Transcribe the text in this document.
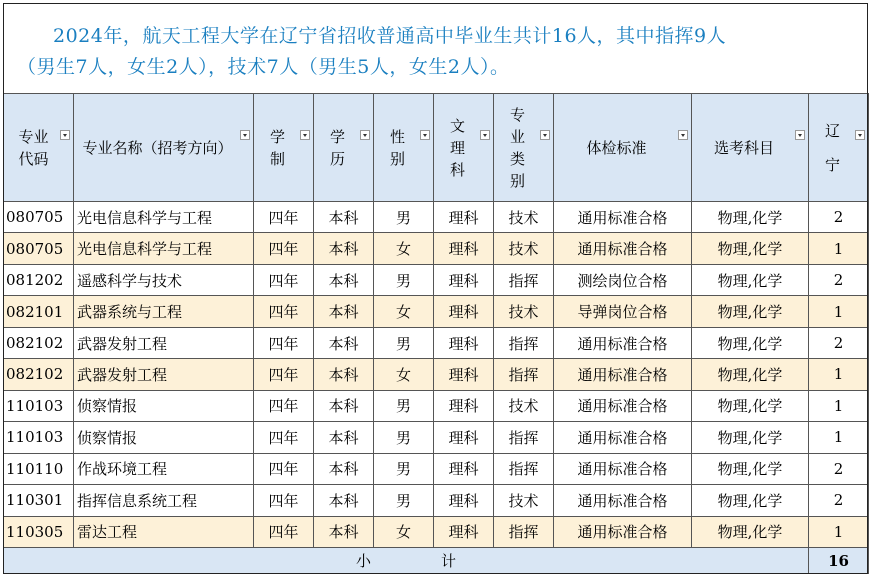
2024年，航天工程大学在辽宁省招收普通高中毕业生共计16人，其中指挥9人
（男生7人，女生2人），技术7人（男生5人，女生2人）。
专业代码	专业名称（招考方向）	学制	学历	性别	文理科	专业类别	体检标准	选考科目	辽宁

080705	光电信息科学与工程	四年	本科	男	理科	技术	通用标准合格	物理,化学	2
080705	光电信息科学与工程	四年	本科	女	理科	技术	通用标准合格	物理,化学	1
081202	遥感科学与技术	四年	本科	男	理科	指挥	测绘岗位合格	物理,化学	2
082101	武器系统与工程	四年	本科	女	理科	技术	导弹岗位合格	物理,化学	1
082102	武器发射工程	四年	本科	男	理科	指挥	通用标准合格	物理,化学	2
082102	武器发射工程	四年	本科	女	理科	指挥	通用标准合格	物理,化学	1
110103	侦察情报	四年	本科	男	理科	技术	通用标准合格	物理,化学	1
110103	侦察情报	四年	本科	男	理科	指挥	通用标准合格	物理,化学	1
110110	作战环境工程	四年	本科	男	理科	指挥	通用标准合格	物理,化学	2
110301	指挥信息系统工程	四年	本科	男	理科	技术	通用标准合格	物理,化学	2
110305	雷达工程	四年	本科	女	理科	指挥	通用标准合格	物理,化学	1
小计									16
